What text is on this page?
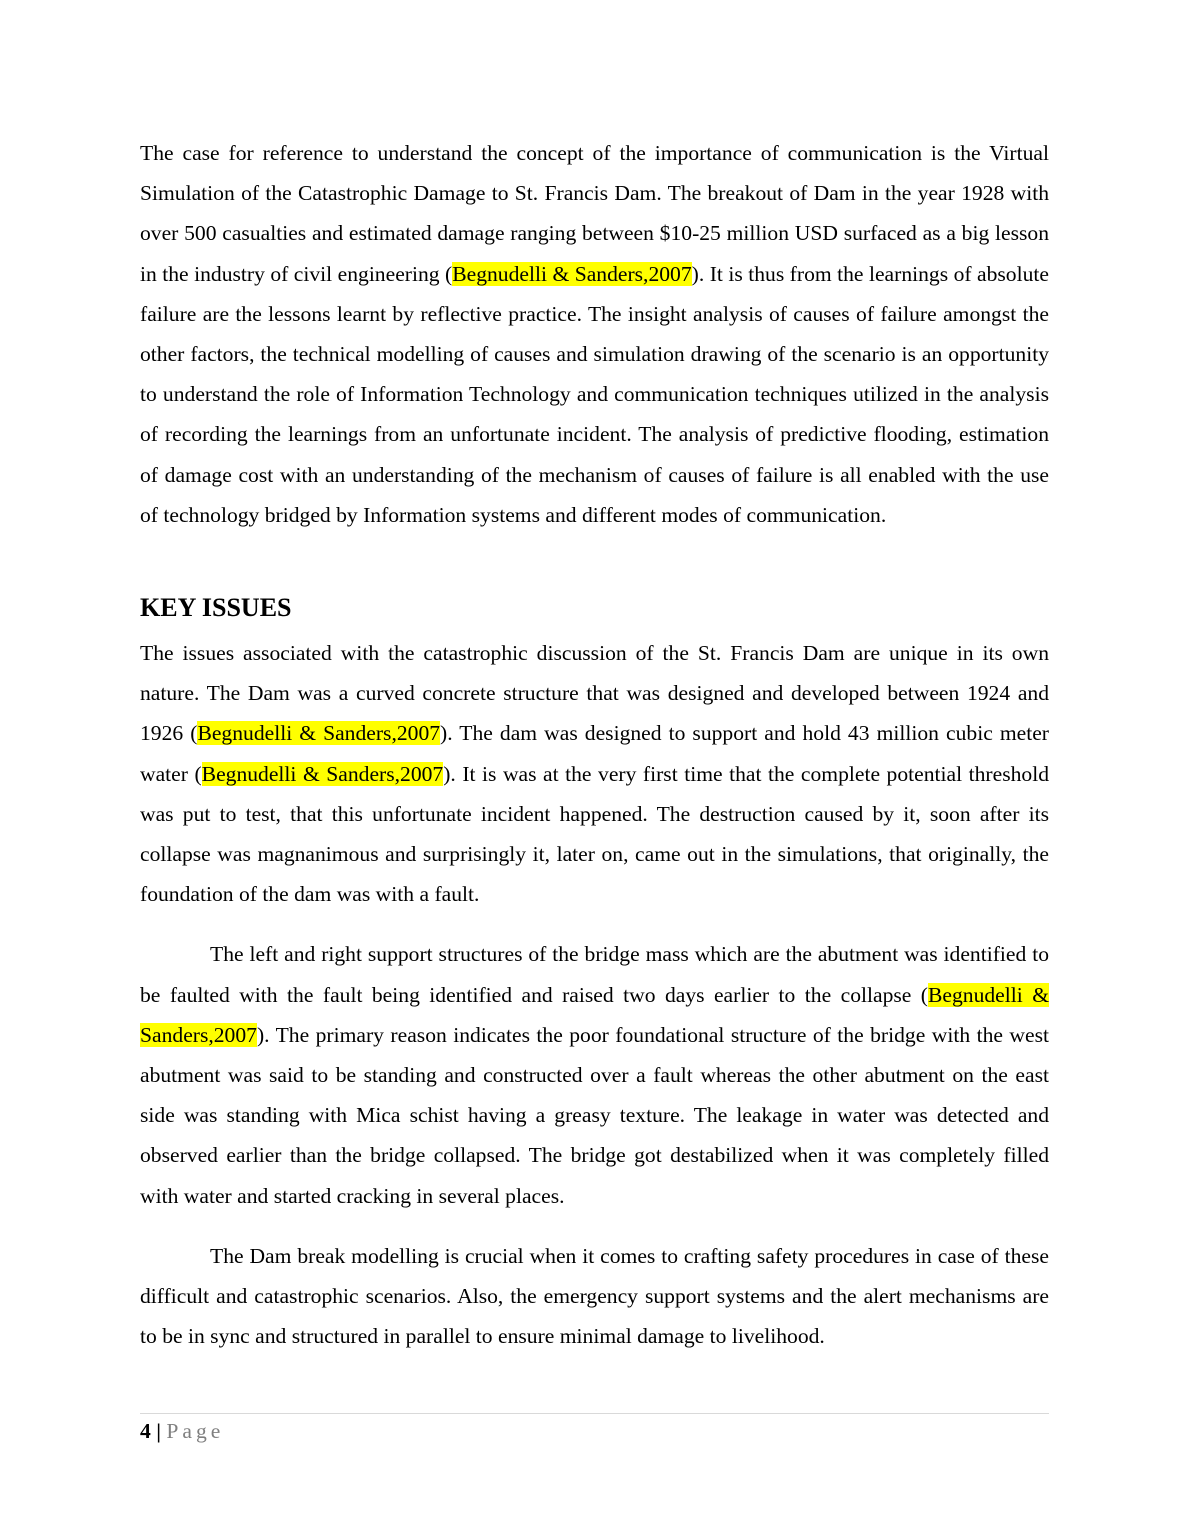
The case for reference to understand the concept of the importance of communication is the Virtual Simulation of the Catastrophic Damage to St. Francis Dam. The breakout of Dam in the year 1928 with over 500 casualties and estimated damage ranging between $10-25 million USD surfaced as a big lesson in the industry of civil engineering (Begnudelli & Sanders,2007). It is thus from the learnings of absolute failure are the lessons learnt by reflective practice. The insight analysis of causes of failure amongst the other factors, the technical modelling of causes and simulation drawing of the scenario is an opportunity to understand the role of Information Technology and communication techniques utilized in the analysis of recording the learnings from an unfortunate incident. The analysis of predictive flooding, estimation of damage cost with an understanding of the mechanism of causes of failure is all enabled with the use of technology bridged by Information systems and different modes of communication.

KEY ISSUES

The issues associated with the catastrophic discussion of the St. Francis Dam are unique in its own nature. The Dam was a curved concrete structure that was designed and developed between 1924 and 1926 (Begnudelli & Sanders,2007). The dam was designed to support and hold 43 million cubic meter water (Begnudelli & Sanders,2007). It is was at the very first time that the complete potential threshold was put to test, that this unfortunate incident happened. The destruction caused by it, soon after its collapse was magnanimous and surprisingly it, later on, came out in the simulations, that originally, the foundation of the dam was with a fault.

The left and right support structures of the bridge mass which are the abutment was identified to be faulted with the fault being identified and raised two days earlier to the collapse (Begnudelli & Sanders,2007). The primary reason indicates the poor foundational structure of the bridge with the west abutment was said to be standing and constructed over a fault whereas the other abutment on the east side was standing with Mica schist having a greasy texture. The leakage in water was detected and observed earlier than the bridge collapsed. The bridge got destabilized when it was completely filled with water and started cracking in several places.

The Dam break modelling is crucial when it comes to crafting safety procedures in case of these difficult and catastrophic scenarios. Also, the emergency support systems and the alert mechanisms are to be in sync and structured in parallel to ensure minimal damage to livelihood.

4 | Page
